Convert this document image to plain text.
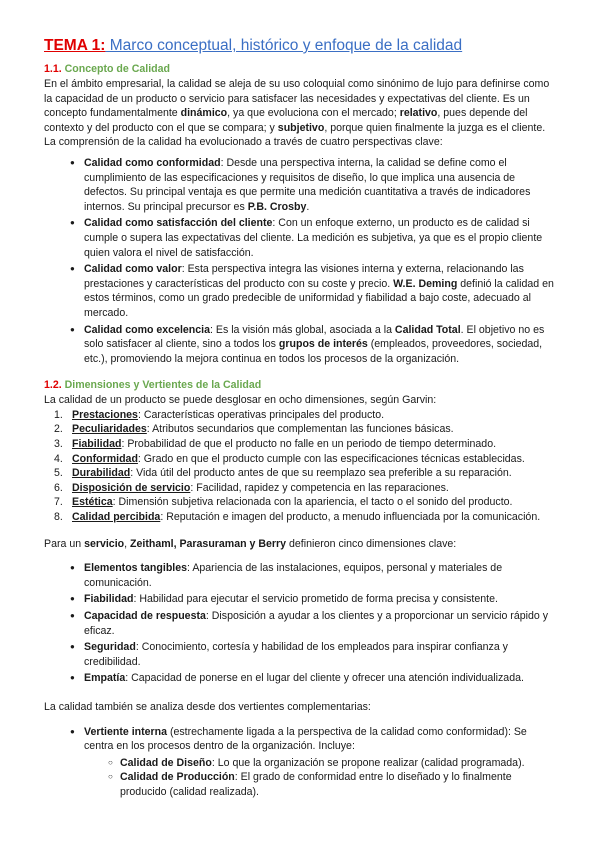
TEMA 1: Marco conceptual, histórico y enfoque de la calidad
1.1. Concepto de Calidad

En el ámbito empresarial, la calidad se aleja de su uso coloquial como sinónimo de lujo para definirse como la capacidad de un producto o servicio para satisfacer las necesidades y expectativas del cliente. Es un concepto fundamentalmente dinámico, ya que evoluciona con el mercado; relativo, pues depende del contexto y del producto con el que se compara; y subjetivo, porque quien finalmente la juzga es el cliente. La comprensión de la calidad ha evolucionado a través de cuatro perspectivas clave:

● Calidad como conformidad: Desde una perspectiva interna, la calidad se define como el cumplimiento de las especificaciones y requisitos de diseño, lo que implica una ausencia de defectos. Su principal ventaja es que permite una medición cuantitativa a través de indicadores internos. Su principal precursor es P.B. Crosby.
● Calidad como satisfacción del cliente: Con un enfoque externo, un producto es de calidad si cumple o supera las expectativas del cliente. La medición es subjetiva, ya que es el propio cliente quien valora el nivel de satisfacción.
● Calidad como valor: Esta perspectiva integra las visiones interna y externa, relacionando las prestaciones y características del producto con su coste y precio. W.E. Deming definió la calidad en estos términos, como un grado predecible de uniformidad y fiabilidad a bajo coste, adecuado al mercado.
● Calidad como excelencia: Es la visión más global, asociada a la Calidad Total. El objetivo no es solo satisfacer al cliente, sino a todos los grupos de interés (empleados, proveedores, sociedad, etc.), promoviendo la mejora continua en todos los procesos de la organización.
1.2. Dimensiones y Vertientes de la Calidad

La calidad de un producto se puede desglosar en ocho dimensiones, según Garvin:

1. Prestaciones: Características operativas principales del producto.
2. Peculiaridades: Atributos secundarios que complementan las funciones básicas.
3. Fiabilidad: Probabilidad de que el producto no falle en un periodo de tiempo determinado.
4. Conformidad: Grado en que el producto cumple con las especificaciones técnicas establecidas.
5. Durabilidad: Vida útil del producto antes de que su reemplazo sea preferible a su reparación.
6. Disposición de servicio: Facilidad, rapidez y competencia en las reparaciones.
7. Estética: Dimensión subjetiva relacionada con la apariencia, el tacto o el sonido del producto.
8. Calidad percibida: Reputación e imagen del producto, a menudo influenciada por la comunicación.

Para un servicio, Zeithaml, Parasuraman y Berry definieron cinco dimensiones clave:

● Elementos tangibles: Apariencia de las instalaciones, equipos, personal y materiales de comunicación.
● Fiabilidad: Habilidad para ejecutar el servicio prometido de forma precisa y consistente.
● Capacidad de respuesta: Disposición a ayudar a los clientes y a proporcionar un servicio rápido y eficaz.
● Seguridad: Conocimiento, cortesía y habilidad de los empleados para inspirar confianza y credibilidad.
● Empatía: Capacidad de ponerse en el lugar del cliente y ofrecer una atención individualizada.

La calidad también se analiza desde dos vertientes complementarias:

● Vertiente interna (estrechamente ligada a la perspectiva de la calidad como conformidad): Se centra en los procesos dentro de la organización. Incluye:
○ Calidad de Diseño: Lo que la organización se propone realizar (calidad programada).
○ Calidad de Producción: El grado de conformidad entre lo diseñado y lo finalmente producido (calidad realizada).
